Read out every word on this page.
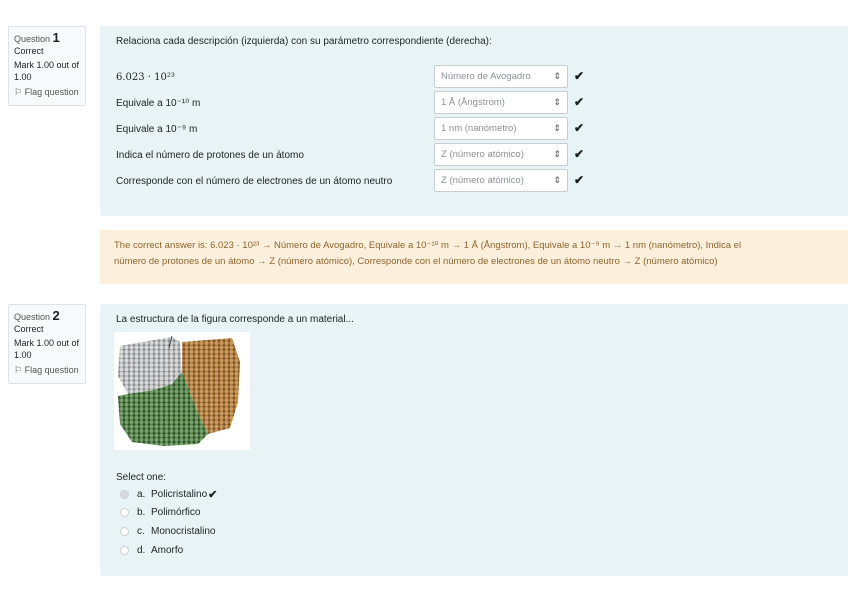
Question 1
Correct
Mark 1.00 out of 1.00
⚐ Flag question
Relaciona cada descripción (izquierda) con su parámetro correspondiente (derecha):
6.023 · 10²³	Número de Avogadro	⇕ ✔
Equivale a 10⁻¹⁰ m	1 Å (Ångstrom)	⇕ ✔
Equivale a 10⁻⁹ m	1 nm (nanómetro)	⇕ ✔
Indica el número de protones de un átomo	Z (número atómico)	⇕ ✔
Corresponde con el número de electrones de un átomo neutro	Z (número atómico)	⇕ ✔
The correct answer is: 6.023 · 10²³ → Número de Avogadro, Equivale a 10⁻¹⁰ m → 1 Å (Ångstrom), Equivale a 10⁻⁹ m → 1 nm (nanómetro), Indica el
número de protones de un átomo → Z (número atómico), Corresponde con el número de electrones de un átomo neutro → Z (número atómico)
Question 2
Correct
Mark 1.00 out of 1.00
⚐ Flag question
La estructura de la figura corresponde a un material...
Select one:
a. Policristalino ✔
b. Polimórfico
c. Monocristalino
d. Amorfo
